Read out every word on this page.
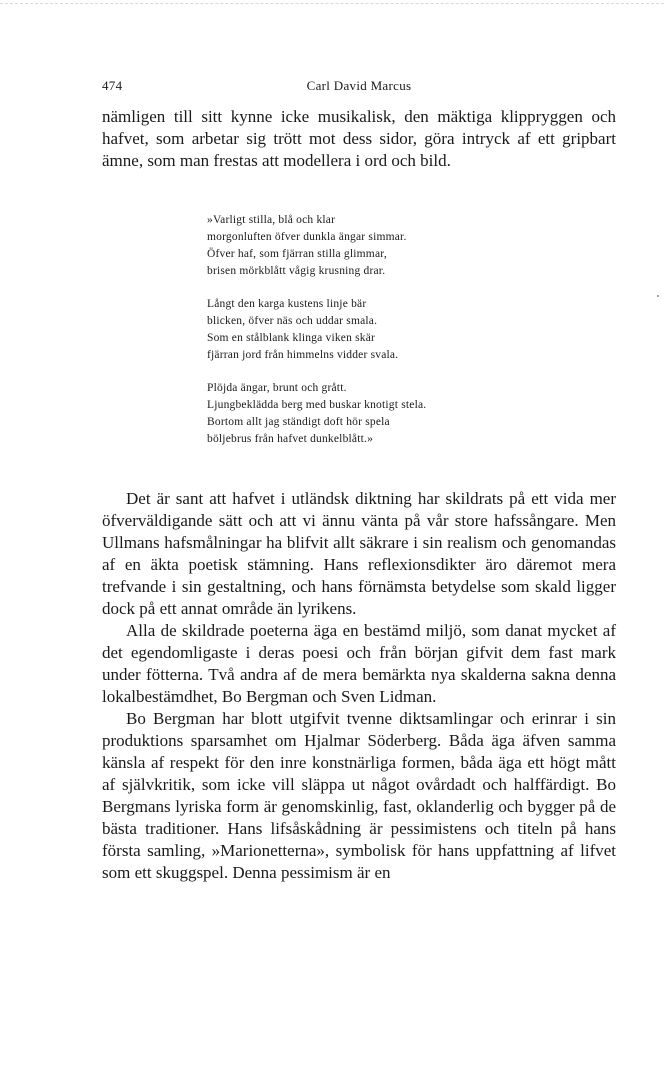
474	Carl David Marcus

nämligen till sitt kynne icke musikalisk, den mäktiga klippryggen och hafvet, som arbetar sig trött mot dess sidor, göra intryck af ett gripbart ämne, som man frestas att modellera i ord och bild.

»Varligt stilla, blå och klar
morgonluften öfver dunkla ängar simmar.
Öfver haf, som fjärran stilla glimmar,
brisen mörkblått vågig krusning drar.
Långt den karga kustens linje bär
blicken, öfver näs och uddar smala.
Som en stålblank klinga viken skär
fjärran jord från himmelns vidder svala.
Plöjda ängar, brunt och grått.
Ljungbeklädda berg med buskar knotigt stela.
Bortom allt jag ständigt doft hör spela
böljebrus från hafvet dunkelblått.»

Det är sant att hafvet i utländsk diktning har skildrats på ett vida mer öfverväldigande sätt och att vi ännu vänta på vår store hafssångare. Men Ullmans hafsmålningar ha blifvit allt säkrare i sin realism och genomandas af en äkta poetisk stämning. Hans reflexionsdikter äro däremot mera trefvande i sin gestaltning, och hans förnämsta betydelse som skald ligger dock på ett annat område än lyrikens.

Alla de skildrade poeterna äga en bestämd miljö, som danat mycket af det egendomligaste i deras poesi och från början gifvit dem fast mark under fötterna. Två andra af de mera bemärkta nya skalderna sakna denna lokalbestämdhet, Bo Bergman och Sven Lidman.

Bo Bergman har blott utgifvit tvenne diktsamlingar och erinrar i sin produktions sparsamhet om Hjalmar Söderberg. Båda äga äfven samma känsla af respekt för den inre konstnärliga formen, båda äga ett högt mått af självkritik, som icke vill släppa ut något ovårdadt och halffärdigt. Bo Bergmans lyriska form är genomskinlig, fast, oklanderlig och bygger på de bästa traditioner. Hans lifsåskådning är pessimistens och titeln på hans första samling, »Marionetterna», symbolisk för hans uppfattning af lifvet som ett skuggspel. Denna pessimism är en
